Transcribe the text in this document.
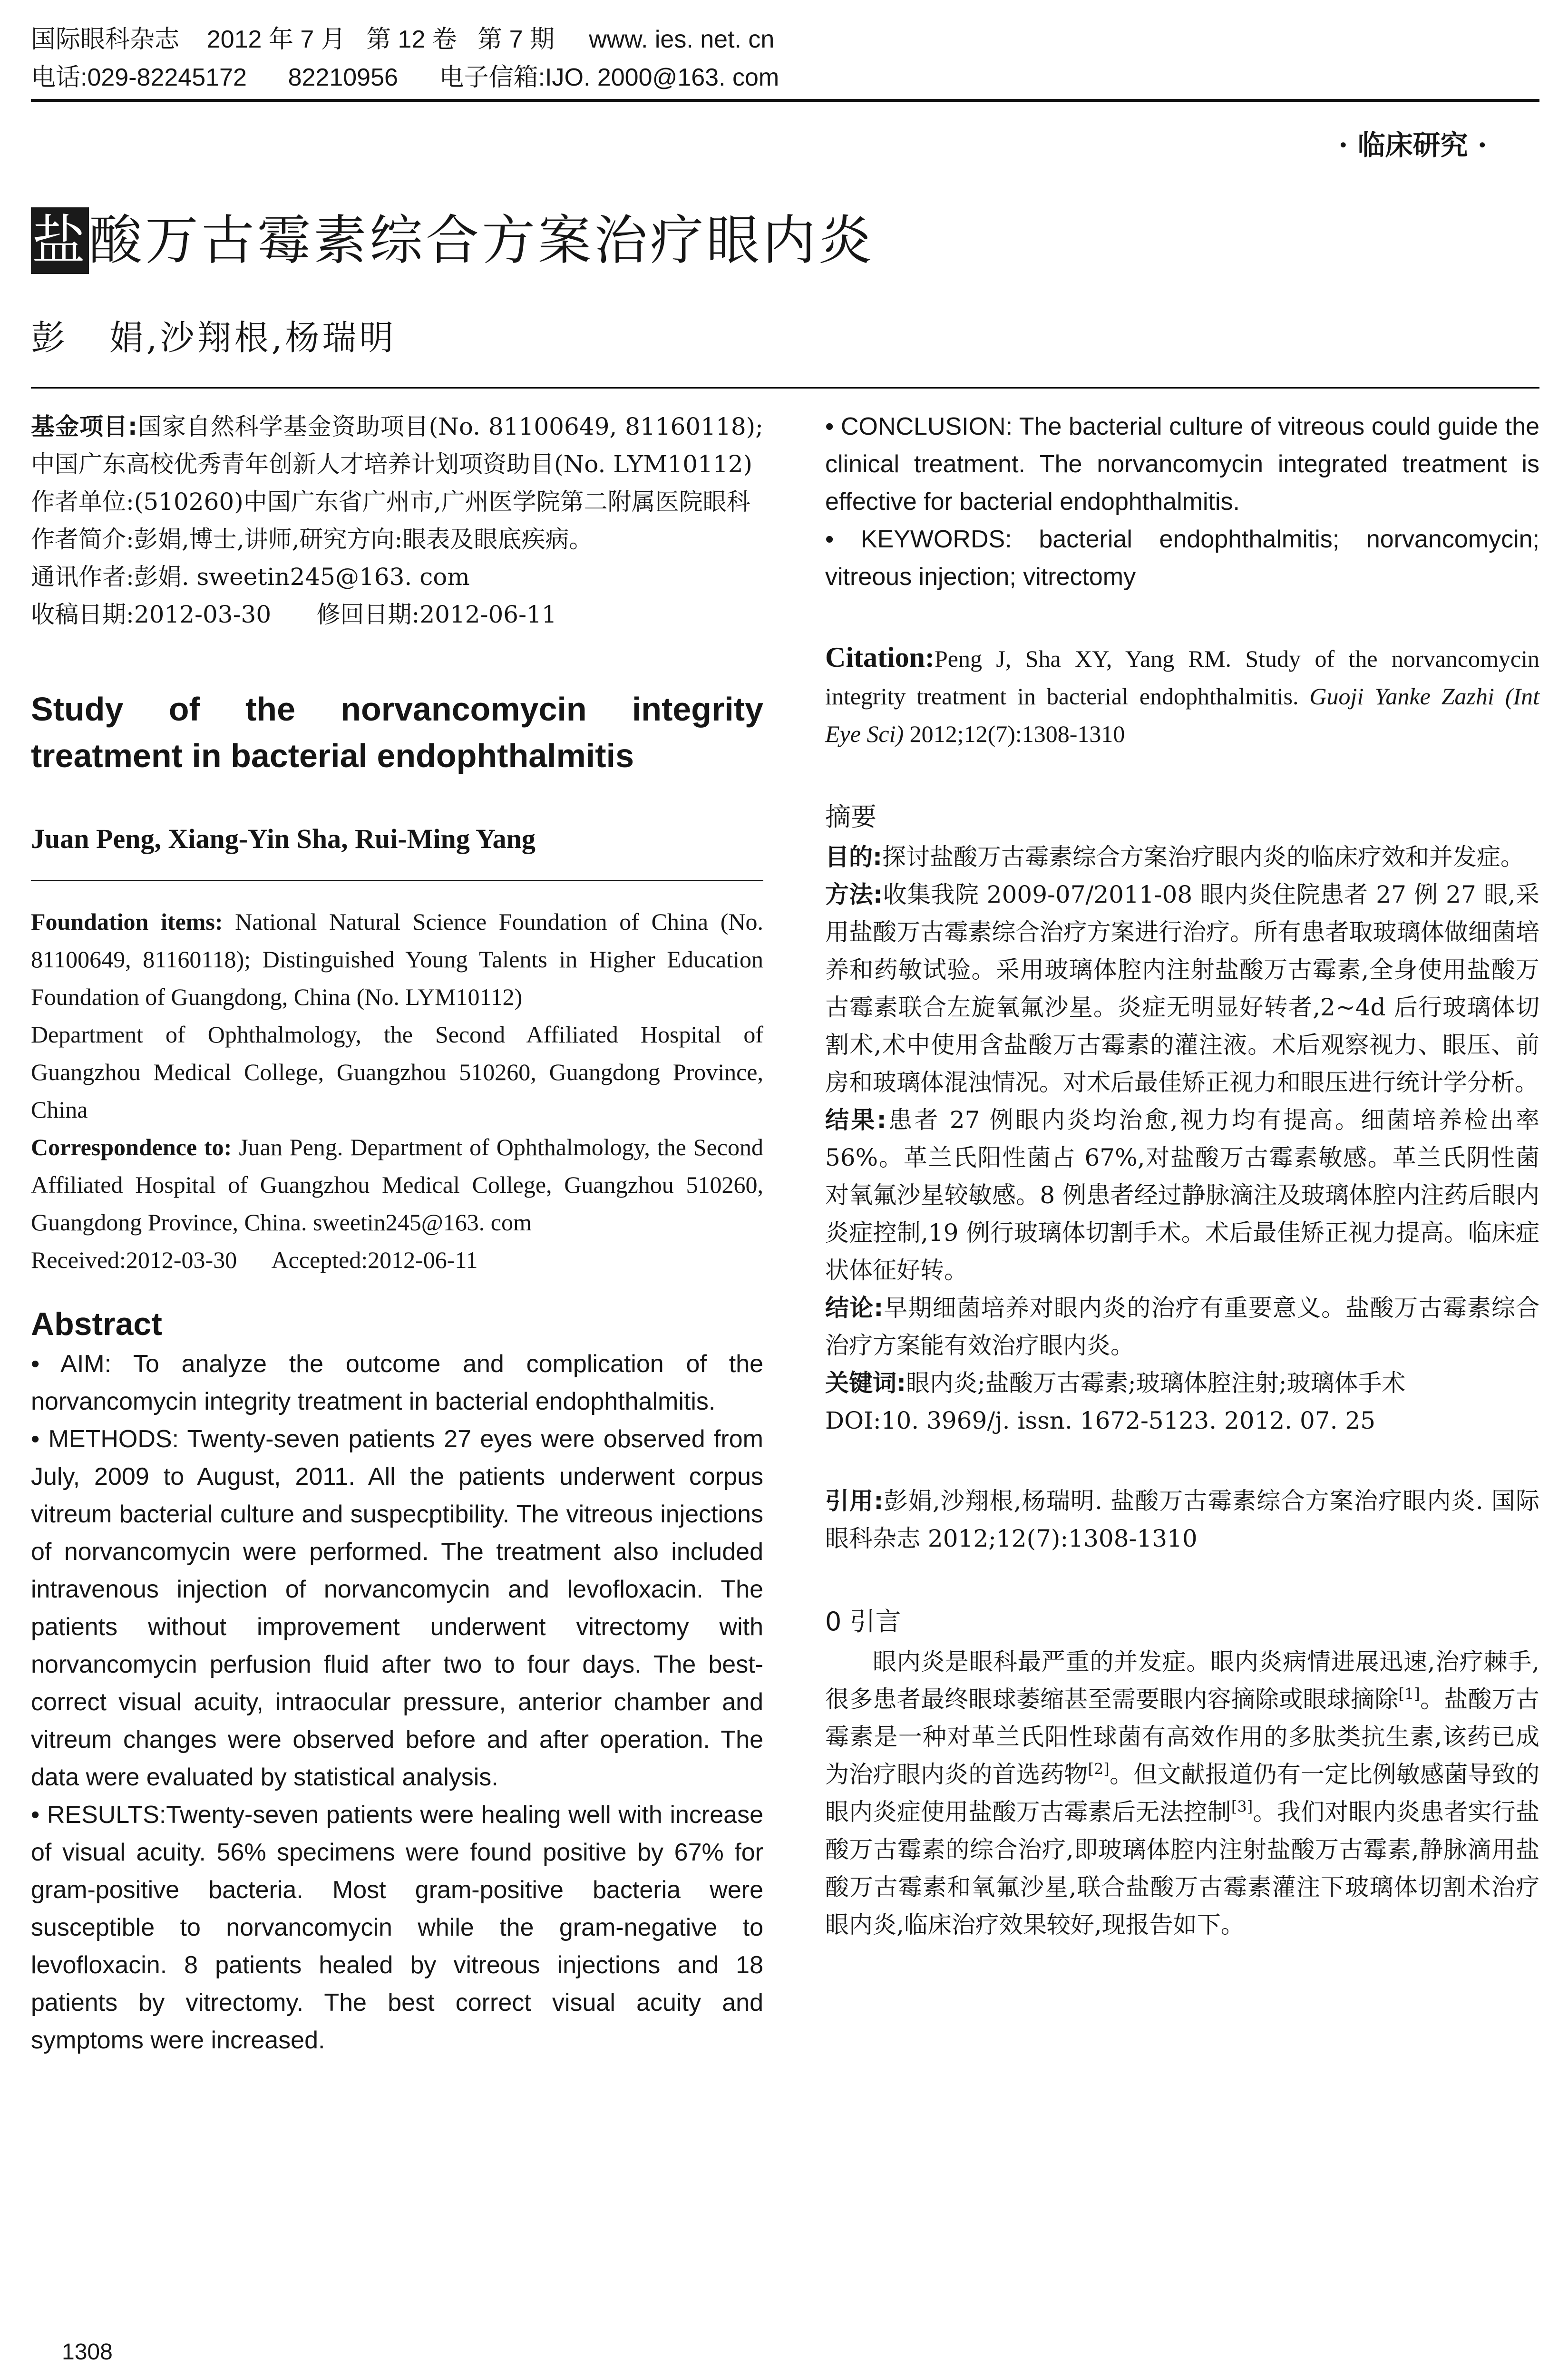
国际眼科杂志    2012 年 7 月   第 12 卷   第 7 期     www. ies. net. cn
电话:029-82245172      82210956      电子信箱:IJO. 2000@163. com
· 临床研究 ·
盐酸万古霉素综合方案治疗眼内炎
彭   娟,沙翔根,杨瑞明

基金项目:国家自然科学基金资助项目(No. 81100649, 81160118);中国广东高校优秀青年创新人才培养计划项资助目(No. LYM10112)

作者单位:(510260)中国广东省广州市,广州医学院第二附属医院眼科

作者简介:彭娟,博士,讲师,研究方向:眼表及眼底疾病。

通讯作者:彭娟. sweetin245@163. com

收稿日期:2012-03-30      修回日期:2012-06-11

Study of the norvancomycin integrity treatment in bacterial endophthalmitis

Juan Peng, Xiang-Yin Sha, Rui-Ming Yang

Foundation items: National Natural Science Foundation of China (No. 81100649, 81160118); Distinguished Young Talents in Higher Education Foundation of Guangdong, China (No. LYM10112)

Department of Ophthalmology, the Second Affiliated Hospital of Guangzhou Medical College, Guangzhou 510260, Guangdong Province, China

Correspondence to: Juan Peng. Department of Ophthalmology, the Second Affiliated Hospital of Guangzhou Medical College, Guangzhou 510260, Guangdong Province, China. sweetin245@163. com

Received:2012-03-30      Accepted:2012-06-11

Abstract

• AIM: To analyze the outcome and complication of the norvancomycin integrity treatment in bacterial endophthalmitis.

• METHODS: Twenty-seven patients 27 eyes were observed from July, 2009 to August, 2011. All the patients underwent corpus vitreum bacterial culture and suspecptibility. The vitreous injections of norvancomycin were performed. The treatment also included intravenous injection of norvancomycin and levofloxacin. The patients without improvement underwent vitrectomy with norvancomycin perfusion fluid after two to four days. The best-correct visual acuity, intraocular pressure, anterior chamber and vitreum changes were observed before and after operation. The data were evaluated by statistical analysis.

• RESULTS:Twenty-seven patients were healing well with increase of visual acuity. 56% specimens were found positive by 67% for gram-positive bacteria. Most gram-positive bacteria were susceptible to norvancomycin while the gram-negative to levofloxacin. 8 patients healed by vitreous injections and 18 patients by vitrectomy. The best correct visual acuity and symptoms were increased.

• CONCLUSION: The bacterial culture of vitreous could guide the clinical treatment. The norvancomycin integrated treatment is effective for bacterial endophthalmitis.

• KEYWORDS: bacterial endophthalmitis; norvancomycin; vitreous injection; vitrectomy

Citation:Peng J, Sha XY, Yang RM. Study of the norvancomycin integrity treatment in bacterial endophthalmitis. Guoji Yanke Zazhi (Int Eye Sci) 2012;12(7):1308-1310

摘要

目的:探讨盐酸万古霉素综合方案治疗眼内炎的临床疗效和并发症。

方法:收集我院 2009-07/2011-08 眼内炎住院患者 27 例 27 眼,采用盐酸万古霉素综合治疗方案进行治疗。所有患者取玻璃体做细菌培养和药敏试验。采用玻璃体腔内注射盐酸万古霉素,全身使用盐酸万古霉素联合左旋氧氟沙星。炎症无明显好转者,2~4d 后行玻璃体切割术,术中使用含盐酸万古霉素的灌注液。术后观察视力、眼压、前房和玻璃体混浊情况。对术后最佳矫正视力和眼压进行统计学分析。

结果:患者 27 例眼内炎均治愈,视力均有提高。细菌培养检出率 56%。革兰氏阳性菌占 67%,对盐酸万古霉素敏感。革兰氏阴性菌对氧氟沙星较敏感。8 例患者经过静脉滴注及玻璃体腔内注药后眼内炎症控制,19 例行玻璃体切割手术。术后最佳矫正视力提高。临床症状体征好转。

结论:早期细菌培养对眼内炎的治疗有重要意义。盐酸万古霉素综合治疗方案能有效治疗眼内炎。

关键词:眼内炎;盐酸万古霉素;玻璃体腔注射;玻璃体手术

DOI:10. 3969/j. issn. 1672-5123. 2012. 07. 25

引用:彭娟,沙翔根,杨瑞明. 盐酸万古霉素综合方案治疗眼内炎. 国际眼科杂志 2012;12(7):1308-1310

0 引言

眼内炎是眼科最严重的并发症。眼内炎病情进展迅速,治疗棘手,很多患者最终眼球萎缩甚至需要眼内容摘除或眼球摘除[1]。盐酸万古霉素是一种对革兰氏阳性球菌有高效作用的多肽类抗生素,该药已成为治疗眼内炎的首选药物[2]。但文献报道仍有一定比例敏感菌导致的眼内炎症使用盐酸万古霉素后无法控制[3]。我们对眼内炎患者实行盐酸万古霉素的综合治疗,即玻璃体腔内注射盐酸万古霉素,静脉滴用盐酸万古霉素和氧氟沙星,联合盐酸万古霉素灌注下玻璃体切割术治疗眼内炎,临床治疗效果较好,现报告如下。

1308
